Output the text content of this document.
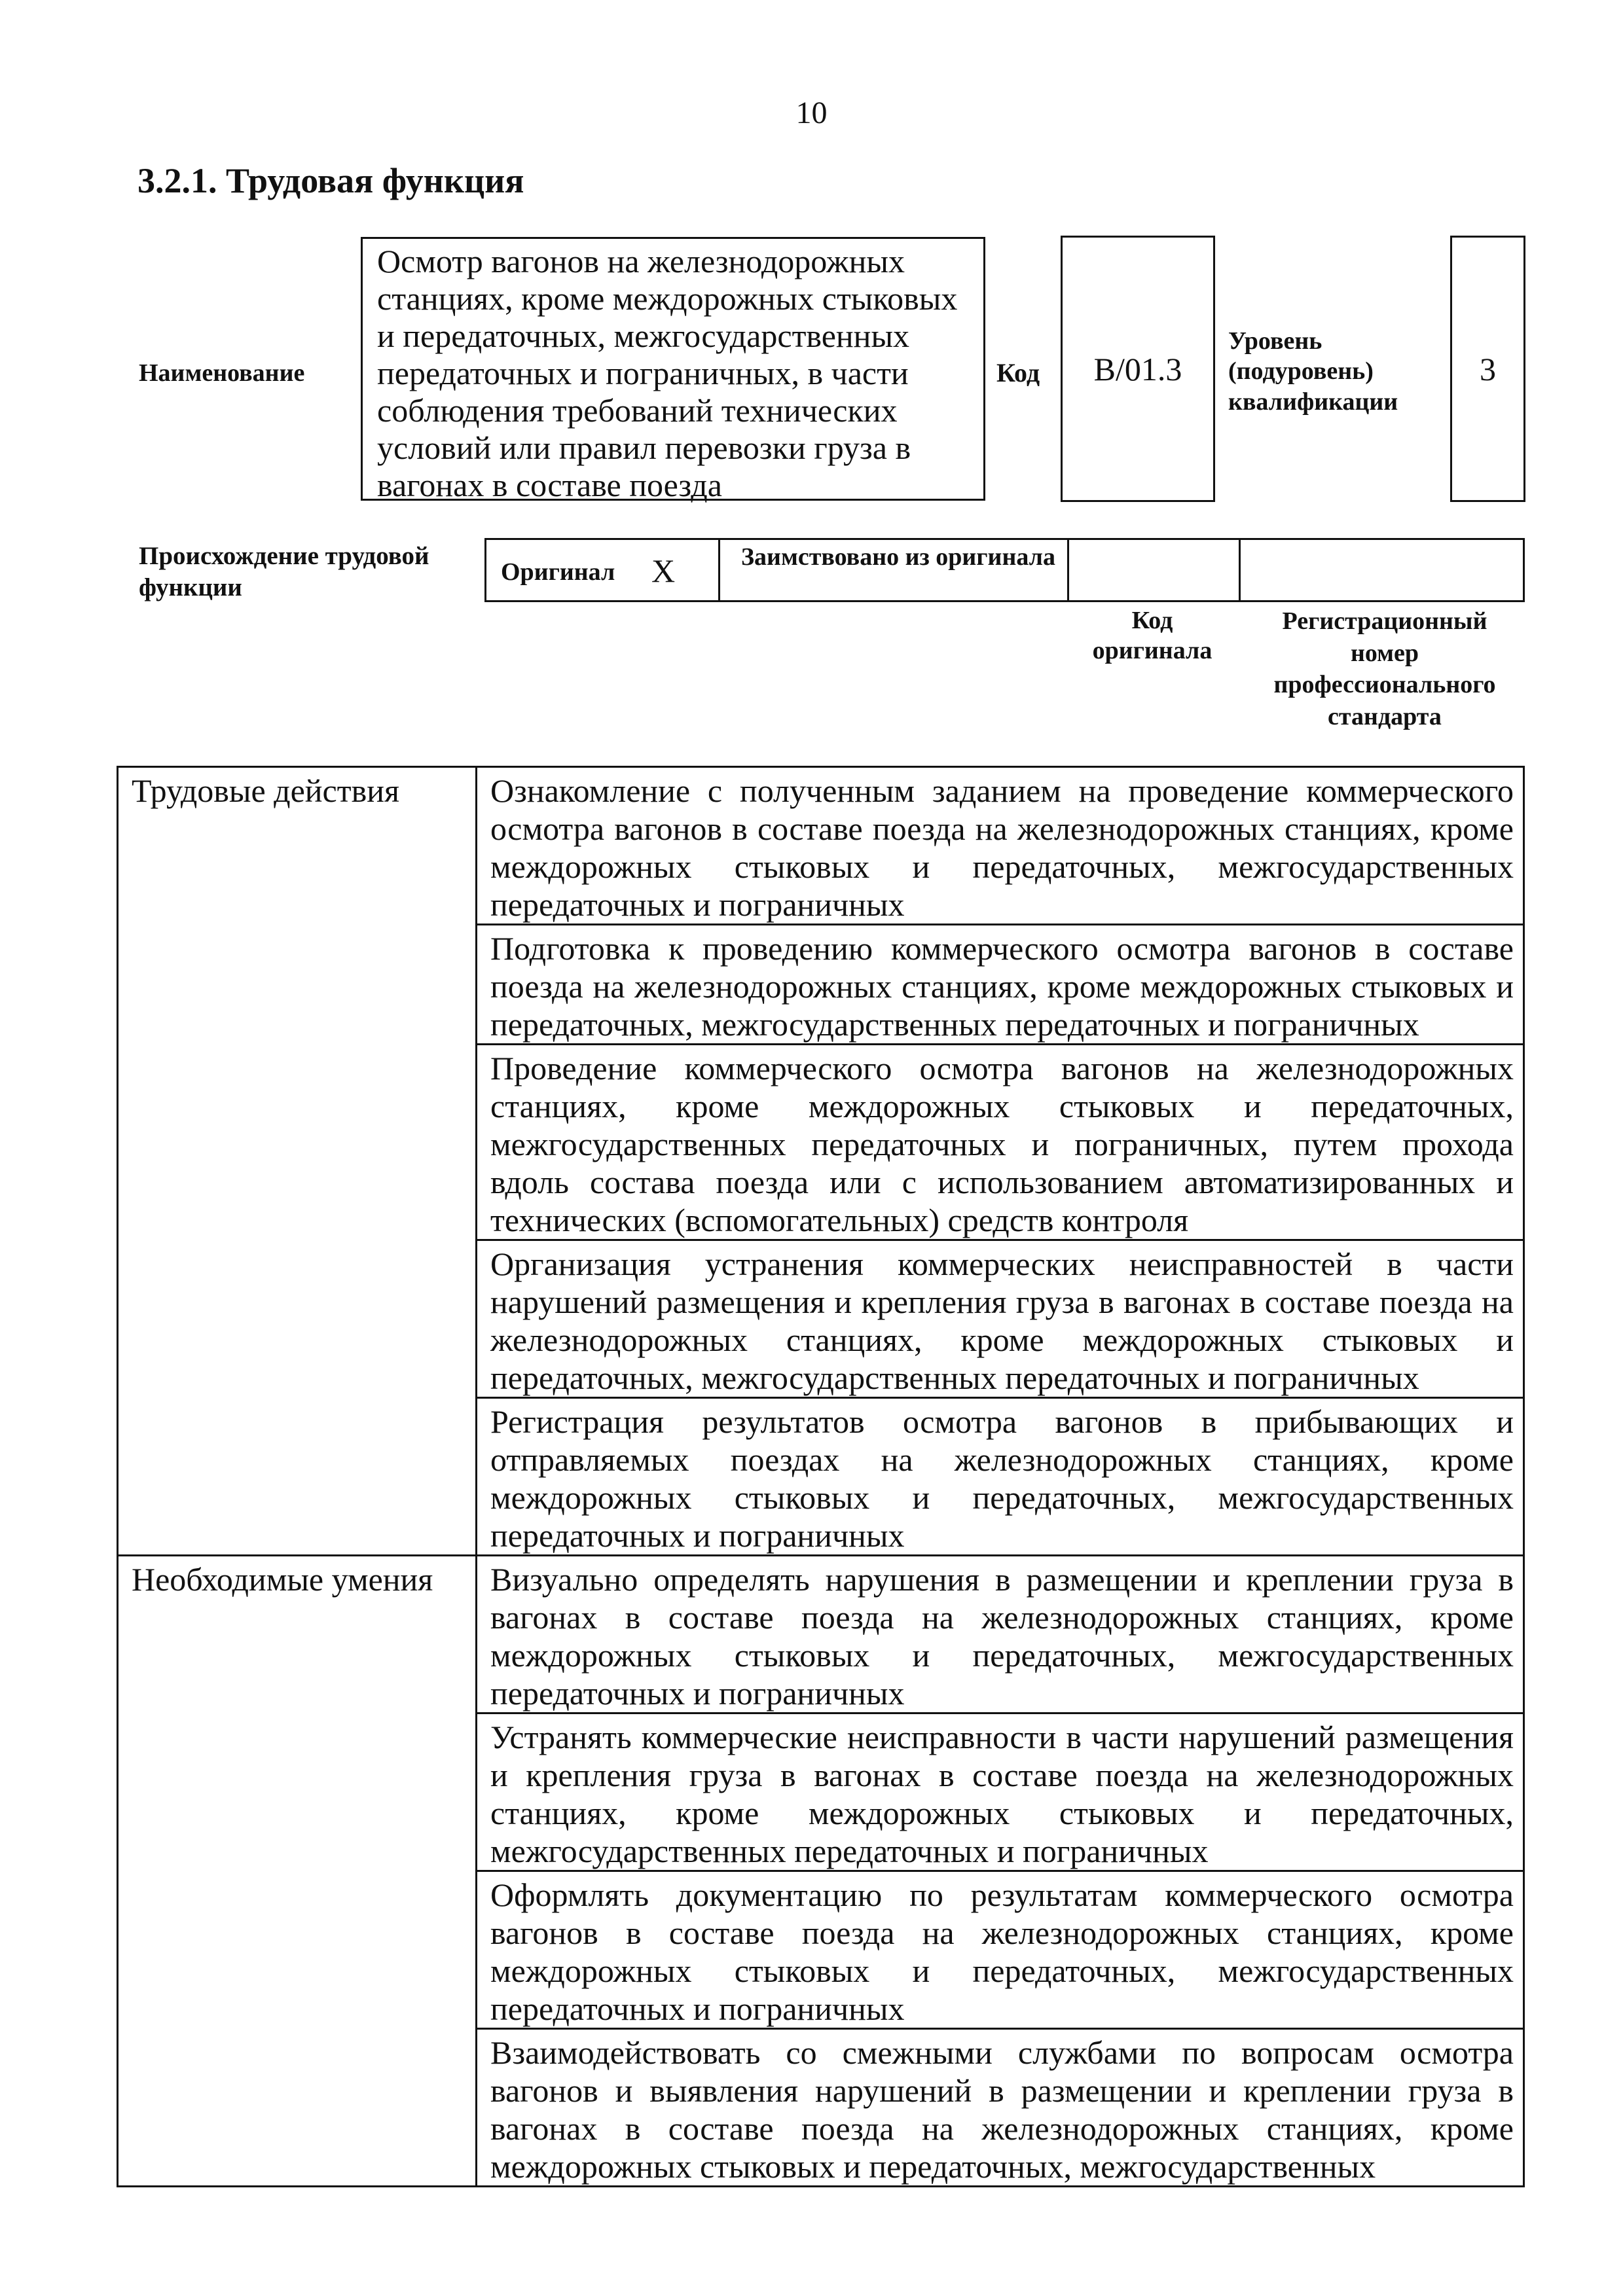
10
3.2.1. Трудовая функция
Наименование
Осмотр вагонов на железнодорожных станциях, кроме междорожных стыковых и передаточных, межгосударственных передаточных и пограничных, в части соблюдения требований технических условий или правил перевозки груза в вагонах в составе поезда
Код B/01.3
Уровень (подуровень) квалификации
3
Происхождение трудовой функции
Оригинал X	Заимствовано из оригинала
Код оригинала
Регистрационный номер профессионального стандарта
Трудовые действия	Ознакомление с полученным заданием на проведение коммерческого осмотра вагонов в составе поезда на железнодорожных станциях, кроме междорожных стыковых и передаточных, межгосударственных передаточных и пограничных
	Подготовка к проведению коммерческого осмотра вагонов в составе поезда на железнодорожных станциях, кроме междорожных стыковых и передаточных, межгосударственных передаточных и пограничных
	Проведение коммерческого осмотра вагонов на железнодорожных станциях, кроме междорожных стыковых и передаточных, межгосударственных передаточных и пограничных, путем прохода вдоль состава поезда или с использованием автоматизированных и технических (вспомогательных) средств контроля
	Организация устранения коммерческих неисправностей в части нарушений размещения и крепления груза в вагонах в составе поезда на железнодорожных станциях, кроме междорожных стыковых и передаточных, межгосударственных передаточных и пограничных
	Регистрация результатов осмотра вагонов в прибывающих и отправляемых поездах на железнодорожных станциях, кроме междорожных стыковых и передаточных, межгосударственных передаточных и пограничных
Необходимые умения	Визуально определять нарушения в размещении и креплении груза в вагонах в составе поезда на железнодорожных станциях, кроме междорожных стыковых и передаточных, межгосударственных передаточных и пограничных
	Устранять коммерческие неисправности в части нарушений размещения и крепления груза в вагонах в составе поезда на железнодорожных станциях, кроме междорожных стыковых и передаточных, межгосударственных передаточных и пограничных
	Оформлять документацию по результатам коммерческого осмотра вагонов в составе поезда на железнодорожных станциях, кроме междорожных стыковых и передаточных, межгосударственных передаточных и пограничных
	Взаимодействовать со смежными службами по вопросам осмотра вагонов и выявления нарушений в размещении и креплении груза в вагонах в составе поезда на железнодорожных станциях, кроме междорожных стыковых и передаточных, межгосударственных
